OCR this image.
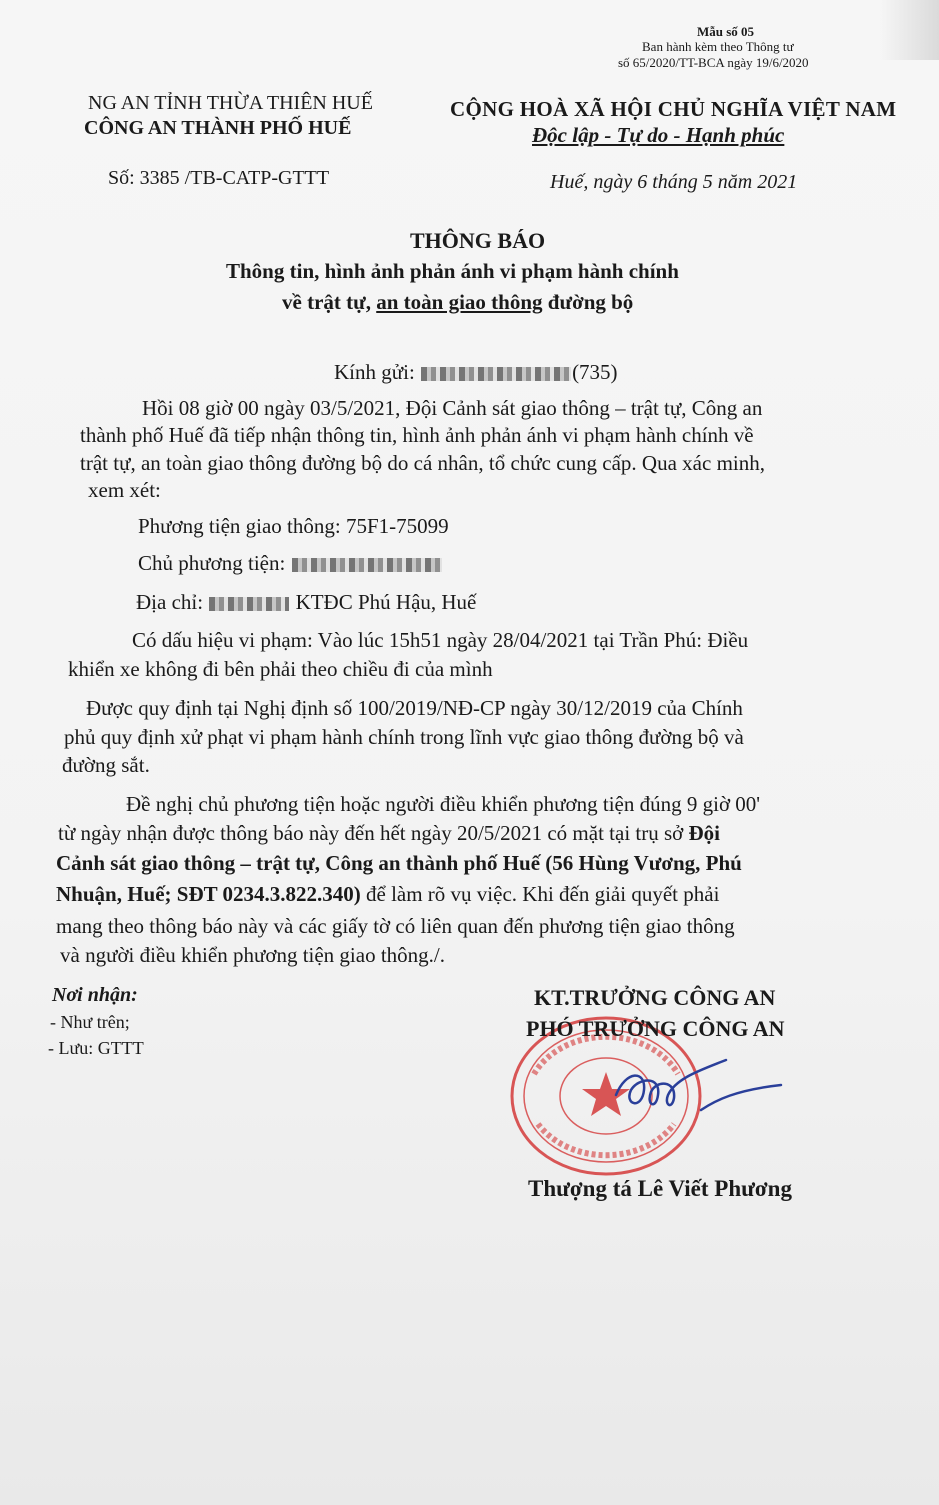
Mẫu số 05
Ban hành kèm theo Thông tư
số 65/2020/TT-BCA ngày 19/6/2020
NG AN TỈNH THỪA THIÊN HUẾ
CÔNG AN THÀNH PHỐ HUẾ
CỘNG HOÀ XÃ HỘI CHỦ NGHĨA VIỆT NAM
Độc lập - Tự do - Hạnh phúc
Số: 3385 /TB-CATP-GTTT	Huế, ngày 6 tháng 5 năm 2021
THÔNG BÁO
Thông tin, hình ảnh phản ánh vi phạm hành chính
về trật tự, an toàn giao thông đường bộ
Kính gửi:	(735)
Hồi 08 giờ 00 ngày 03/5/2021, Đội Cảnh sát giao thông – trật tự, Công an
thành phố Huế đã tiếp nhận thông tin, hình ảnh phản ánh vi phạm hành chính về
trật tự, an toàn giao thông đường bộ do cá nhân, tổ chức cung cấp. Qua xác minh,
xem xét:
Phương tiện giao thông: 75F1-75099
Chủ phương tiện:
Địa chỉ:	KTĐC Phú Hậu, Huế
Có dấu hiệu vi phạm: Vào lúc 15h51 ngày 28/04/2021 tại Trần Phú: Điều
khiển xe không đi bên phải theo chiều đi của mình
Được quy định tại Nghị định số 100/2019/NĐ-CP ngày 30/12/2019 của Chính
phủ quy định xử phạt vi phạm hành chính trong lĩnh vực giao thông đường bộ và
đường sắt.
Đề nghị chủ phương tiện hoặc người điều khiển phương tiện đúng 9 giờ 00'
từ ngày nhận được thông báo này đến hết ngày 20/5/2021 có mặt tại trụ sở Đội
Cảnh sát giao thông – trật tự, Công an thành phố Huế (56 Hùng Vương, Phú
Nhuận, Huế; SĐT 0234.3.822.340) để làm rõ vụ việc. Khi đến giải quyết phải
mang theo thông báo này và các giấy tờ có liên quan đến phương tiện giao thông
và người điều khiển phương tiện giao thông./.
Nơi nhận:
- Như trên;
- Lưu: GTTT
KT.TRƯỞNG CÔNG AN
PHÓ TRƯỞNG CÔNG AN
Thượng tá Lê Viết Phương
